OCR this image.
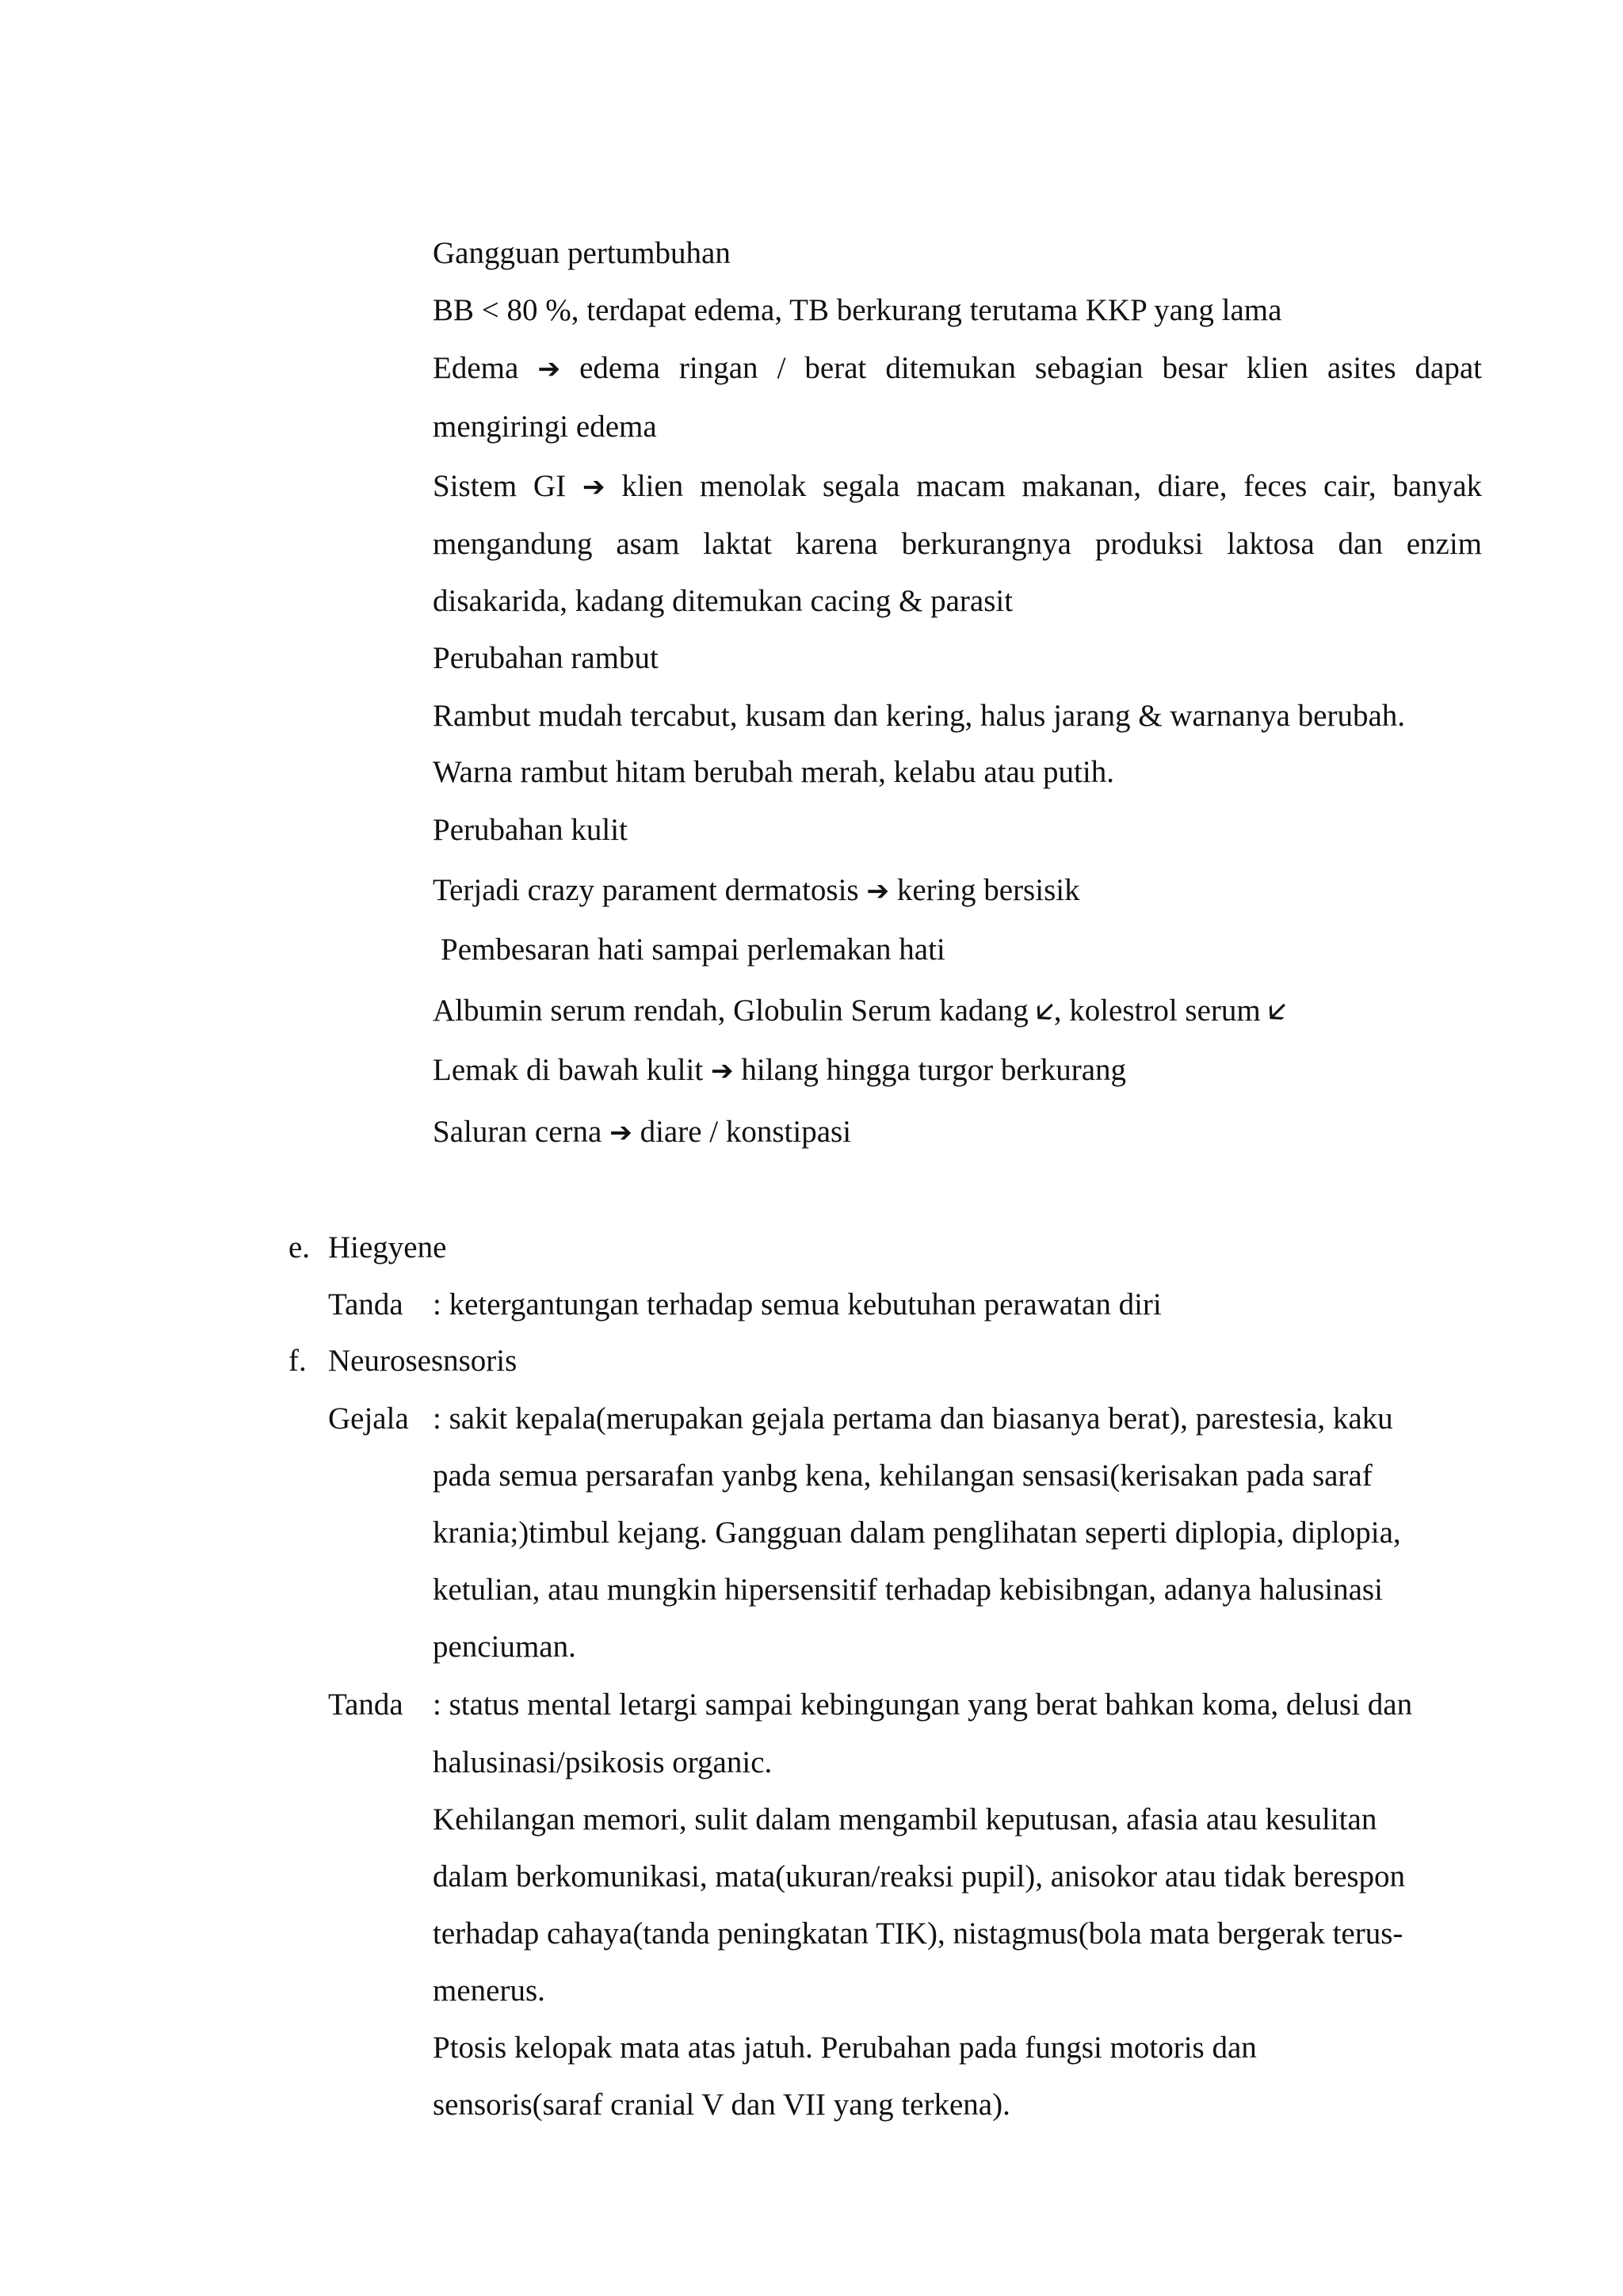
Gangguan pertumbuhan

BB < 80 %, terdapat edema, TB berkurang terutama KKP yang lama

Edema ➔ edema ringan / berat ditemukan sebagian besar klien asites dapat

mengiringi edema

Sistem GI ➔ klien menolak segala macam makanan, diare, feces cair, banyak

mengandung asam laktat karena berkurangnya produksi laktosa dan enzim

disakarida, kadang ditemukan cacing & parasit

Perubahan rambut

Rambut mudah tercabut, kusam dan kering, halus jarang & warnanya berubah.

Warna rambut hitam berubah merah, kelabu atau putih.

Perubahan kulit

Terjadi crazy parament dermatosis ➔ kering bersisik

Pembesaran hati sampai perlemakan hati

Albumin serum rendah, Globulin Serum kadang 🡧, kolestrol serum 🡧

Lemak di bawah kulit ➔ hilang hingga turgor berkurang

Saluran cerna ➔ diare / konstipasi

e. Hiegyene
Tanda : ketergantungan terhadap semua kebutuhan perawatan diri
f. Neurosesnsoris
Gejala : sakit kepala(merupakan gejala pertama dan biasanya berat), parestesia, kaku
pada semua persarafan yanbg kena, kehilangan sensasi(kerisakan pada saraf
krania;)timbul kejang. Gangguan dalam penglihatan seperti diplopia, diplopia,
ketulian, atau mungkin hipersensitif terhadap kebisibngan, adanya halusinasi
penciuman.
Tanda : status mental letargi sampai kebingungan yang berat bahkan koma, delusi dan
halusinasi/psikosis organic.
Kehilangan memori, sulit dalam mengambil keputusan, afasia atau kesulitan
dalam berkomunikasi, mata(ukuran/reaksi pupil), anisokor atau tidak berespon
terhadap cahaya(tanda peningkatan TIK), nistagmus(bola mata bergerak terus-
menerus.
Ptosis kelopak mata atas jatuh. Perubahan pada fungsi motoris dan
sensoris(saraf cranial V dan VII yang terkena).
